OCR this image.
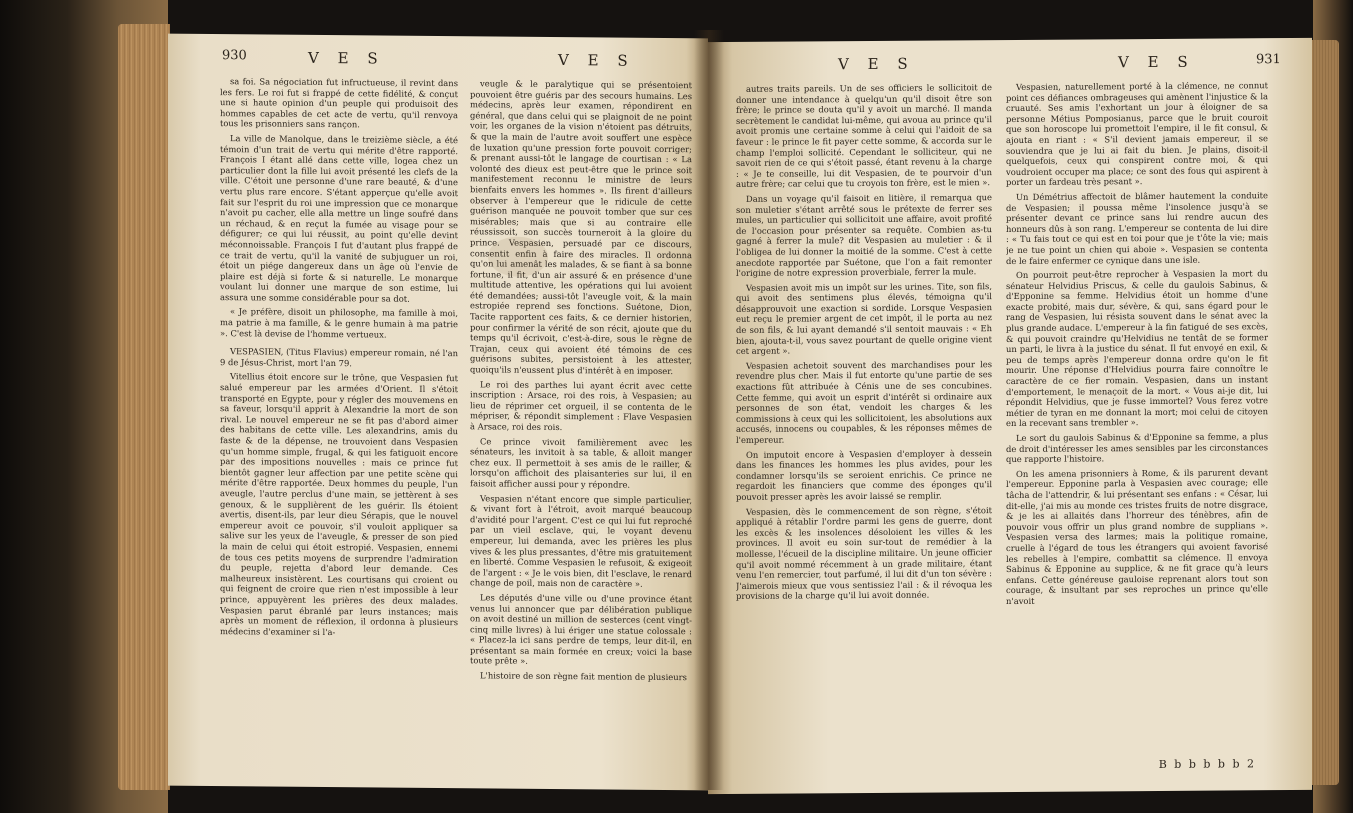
930	V E S	V E S

sa foi. Sa négociation fut infructueuse, il revint dans les fers. Le roi fut si frappé de cette fidélité, & conçut une si haute opinion d'un peuple qui produisoit des hommes capables de cet acte de vertu, qu'il renvoya tous les prisonniers sans rançon.

La ville de Manolque, dans le treizième siècle, a été témoin d'un trait de vertu qui mérite d'être rapporté. François I étant allé dans cette ville, logea chez un particulier dont la fille lui avoit présenté les clefs de la ville. C'étoit une personne d'une rare beauté, & d'une vertu plus rare encore. S'étant apperçue qu'elle avoit fait sur l'esprit du roi une impression que ce monarque n'avoit pu cacher, elle alla mettre un linge soufré dans un réchaud, & en reçut la fumée au visage pour se défigurer; ce qui lui réussit, au point qu'elle devint méconnoissable. François I fut d'autant plus frappé de ce trait de vertu, qu'il la vanité de subjuguer un roi, étoit un piége dangereux dans un âge où l'envie de plaire est déjà si forte & si naturelle. Le monarque voulant lui donner une marque de son estime, lui assura une somme considérable pour sa dot.

« Je préfère, disoit un philosophe, ma famille à moi, ma patrie à ma famille, & le genre humain à ma patrie ». C'est là devise de l'homme vertueux.

VESPASIEN, (Titus Flavius) empereur romain, né l'an 9 de Jésus-Christ, mort l'an 79.

Vitellius étoit encore sur le trône, que Vespasien fut salué empereur par les armées d'Orient. Il s'étoit transporté en Egypte, pour y régler des mouvemens en sa faveur, lorsqu'il apprit à Alexandrie la mort de son rival. Le nouvel empereur ne se fit pas d'abord aimer des habitans de cette ville. Les alexandrins, amis du faste & de la dépense, ne trouvoient dans Vespasien qu'un homme simple, frugal, & qui les fatiguoit encore par des impositions nouvelles : mais ce prince fut bientôt gagner leur affection par une petite scène qui mérite d'être rapportée. Deux hommes du peuple, l'un aveugle, l'autre perclus d'une main, se jettèrent à ses genoux, & le supplièrent de les guérir. Ils étoient avertis, disent-ils, par leur dieu Sérapis, que le nouvel empereur avoit ce pouvoir, s'il vouloit appliquer sa salive sur les yeux de l'aveugle, & presser de son pied la main de celui qui étoit estropié. Vespasien, ennemi de tous ces petits moyens de surprendre l'admiration du peuple, rejetta d'abord leur demande. Ces malheureux insistèrent. Les courtisans qui croient ou qui feignent de croire que rien n'est impossible à leur prince, appuyèrent les prières des deux malades. Vespasien parut ébranlé par leurs instances; mais après un moment de réflexion, il ordonna à plusieurs médecins d'examiner si l'a-

veugle & le paralytique qui se présentoient pouvoient être guéris par des secours humains. Les médecins, après leur examen, répondirent en général, que dans celui qui se plaignoit de ne point voir, les organes de la vision n'étoient pas détruits, & que la main de l'autre avoit souffert une espèce de luxation qu'une pression forte pouvoit corriger; & prenant aussi-tôt le langage de courtisan : « La volonté des dieux est peut-être que le prince soit manifestement reconnu le ministre de leurs bienfaits envers les hommes ». Ils firent d'ailleurs observer à l'empereur que le ridicule de cette guérison manquée ne pouvoit tomber que sur ces misérables; mais que si au contraire elle réussissoit, son succès tourneroit à la gloire du prince. Vespasien, persuadé par ce discours, consentit enfin à faire des miracles. Il ordonna qu'on lui amenât les malades, & se fiant à sa bonne fortune, il fit, d'un air assuré & en présence d'une multitude attentive, les opérations qui lui avoient été demandées; aussi-tôt l'aveugle voit, & la main estropiée reprend ses fonctions. Suétone, Dion, Tacite rapportent ces faits, & ce dernier historien, pour confirmer la vérité de son récit, ajoute que du temps qu'il écrivoit, c'est-à-dire, sous le règne de Trajan, ceux qui avoient été témoins de ces guérisons subites, persistoient à les attester, quoiqu'ils n'eussent plus d'intérêt à en imposer.

Le roi des parthes lui ayant écrit avec cette inscription : Arsace, roi des rois, à Vespasien; au lieu de réprimer cet orgueil, il se contenta de le mépriser, & répondit simplement : Flave Vespasien à Arsace, roi des rois.

Ce prince vivoit familièrement avec les sénateurs, les invitoit à sa table, & alloit manger chez eux. Il permettoit à ses amis de le railler, & lorsqu'on affichoit des plaisanteries sur lui, il en faisoit afficher aussi pour y répondre.

Vespasien n'étant encore que simple particulier, & vivant fort à l'étroit, avoit marqué beaucoup d'avidité pour l'argent. C'est ce qui lui fut reproché par un vieil esclave, qui, le voyant devenu empereur, lui demanda, avec les prières les plus vives & les plus pressantes, d'être mis gratuitement en liberté. Comme Vespasien le refusoit, & exigeoit de l'argent : « Je le vois bien, dit l'esclave, le renard change de poil, mais non de caractère ».

Les députés d'une ville ou d'une province étant venus lui annoncer que par délibération publique on avoit destiné un million de sesterces (cent vingt-cinq mille livres) à lui ériger une statue colossale : « Placez-la ici sans perdre de temps, leur dit-il, en présentant sa main formée en creux; voici la base toute prête ».

L'histoire de son règne fait mention de plusieurs

V E S	V E S	931

autres traits pareils. Un de ses officiers le sollicitoit de donner une intendance à quelqu'un qu'il disoit être son frère; le prince se douta qu'il y avoit un marché. Il manda secrètement le candidat lui-même, qui avoua au prince qu'il avoit promis une certaine somme à celui qui l'aidoit de sa faveur : le prince le fit payer cette somme, & accorda sur le champ l'emploi sollicité. Cependant le solliciteur, qui ne savoit rien de ce qui s'étoit passé, étant revenu à la charge : « Je te conseille, lui dit Vespasien, de te pourvoir d'un autre frère; car celui que tu croyois ton frère, est le mien ».

Dans un voyage qu'il faisoit en litière, il remarqua que son muletier s'étant arrêté sous le prétexte de ferrer ses mules, un particulier qui sollicitoit une affaire, avoit profité de l'occasion pour présenter sa requête. Combien as-tu gagné à ferrer la mule? dit Vespasien au muletier : & il l'obligea de lui donner la moitié de la somme. C'est à cette anecdote rapportée par Suétone, que l'on a fait remonter l'origine de notre expression proverbiale, ferrer la mule.

Vespasien avoit mis un impôt sur les urines. Tite, son fils, qui avoit des sentimens plus élevés, témoigna qu'il désapprouvoit une exaction si sordide. Lorsque Vespasien eut reçu le premier argent de cet impôt, il le porta au nez de son fils, & lui ayant demandé s'il sentoit mauvais : « Eh bien, ajouta-t-il, vous savez pourtant de quelle origine vient cet argent ».

Vespasien achetoit souvent des marchandises pour les revendre plus cher. Mais il fut entorte qu'une partie de ses exactions fût attribuée à Cénis une de ses concubines. Cette femme, qui avoit un esprit d'intérêt si ordinaire aux personnes de son état, vendoit les charges & les commissions à ceux qui les sollicitoient, les absolutions aux accusés, innocens ou coupables, & les réponses mêmes de l'empereur.

On imputoit encore à Vespasien d'employer à dessein dans les finances les hommes les plus avides, pour les condamner lorsqu'ils se seroient enrichis. Ce prince ne regardoit les financiers que comme des éponges qu'il pouvoit presser après les avoir laissé se remplir.

Vespasien, dès le commencement de son règne, s'étoit appliqué à rétablir l'ordre parmi les gens de guerre, dont les excès & les insolences désoloient les villes & les provinces. Il avoit eu soin sur-tout de remédier à la mollesse, l'écueil de la discipline militaire. Un jeune officier qu'il avoit nommé récemment à un grade militaire, étant venu l'en remercier, tout parfumé, il lui dit d'un ton sévère : J'aimerois mieux que vous sentissiez l'ail : & il révoqua les provisions de la charge qu'il lui avoit donnée.

Vespasien, naturellement porté à la clémence, ne connut point ces défiances ombrageuses qui amènent l'injustice & la cruauté. Ses amis l'exhortant un jour à éloigner de sa personne Métius Pomposianus, parce que le bruit couroit que son horoscope lui promettoit l'empire, il le fit consul, & ajouta en riant : « S'il devient jamais empereur, il se souviendra que je lui ai fait du bien. Je plains, disoit-il quelquefois, ceux qui conspirent contre moi, & qui voudroient occuper ma place; ce sont des fous qui aspirent à porter un fardeau très pesant ».

Un Démétrius affectoit de blâmer hautement la conduite de Vespasien; il poussa même l'insolence jusqu'à se présenter devant ce prince sans lui rendre aucun des honneurs dûs à son rang. L'empereur se contenta de lui dire : « Tu fais tout ce qui est en toi pour que je t'ôte la vie; mais je ne tue point un chien qui aboie ». Vespasien se contenta de le faire enfermer ce cynique dans une isle.

On pourroit peut-être reprocher à Vespasien la mort du sénateur Helvidius Priscus, & celle du gaulois Sabinus, & d'Epponine sa femme. Helvidius étoit un homme d'une exacte probité, mais dur, sévère, & qui, sans égard pour le rang de Vespasien, lui résista souvent dans le sénat avec la plus grande audace. L'empereur à la fin fatigué de ses excès, & qui pouvoit craindre qu'Helvidius ne tentât de se former un parti, le livra à la justice du sénat. Il fut envoyé en exil, & peu de temps après l'empereur donna ordre qu'on le fit mourir. Une réponse d'Helvidius pourra faire connoître le caractère de ce fier romain. Vespasien, dans un instant d'emportement, le menaçoit de la mort. « Vous ai-je dit, lui répondit Helvidius, que je fusse immortel? Vous ferez votre métier de tyran en me donnant la mort; moi celui de citoyen en la recevant sans trembler ».

Le sort du gaulois Sabinus & d'Epponine sa femme, a plus de droit d'intéresser les ames sensibles par les circonstances que rapporte l'histoire.

On les amena prisonniers à Rome, & ils parurent devant l'empereur. Epponine parla à Vespasien avec courage; elle tâcha de l'attendrir, & lui présentant ses enfans : « César, lui dit-elle, j'ai mis au monde ces tristes fruits de notre disgrace, & je les ai allaités dans l'horreur des ténèbres, afin de pouvoir vous offrir un plus grand nombre de supplians ». Vespasien versa des larmes; mais la politique romaine, cruelle à l'égard de tous les étrangers qui avoient favorisé les rebelles à l'empire, combattit sa clémence. Il envoya Sabinus & Epponine au supplice, & ne fit grace qu'à leurs enfans. Cette généreuse gauloise reprenant alors tout son courage, & insultant par ses reproches un prince qu'elle n'avoit

B b b b b b 2
